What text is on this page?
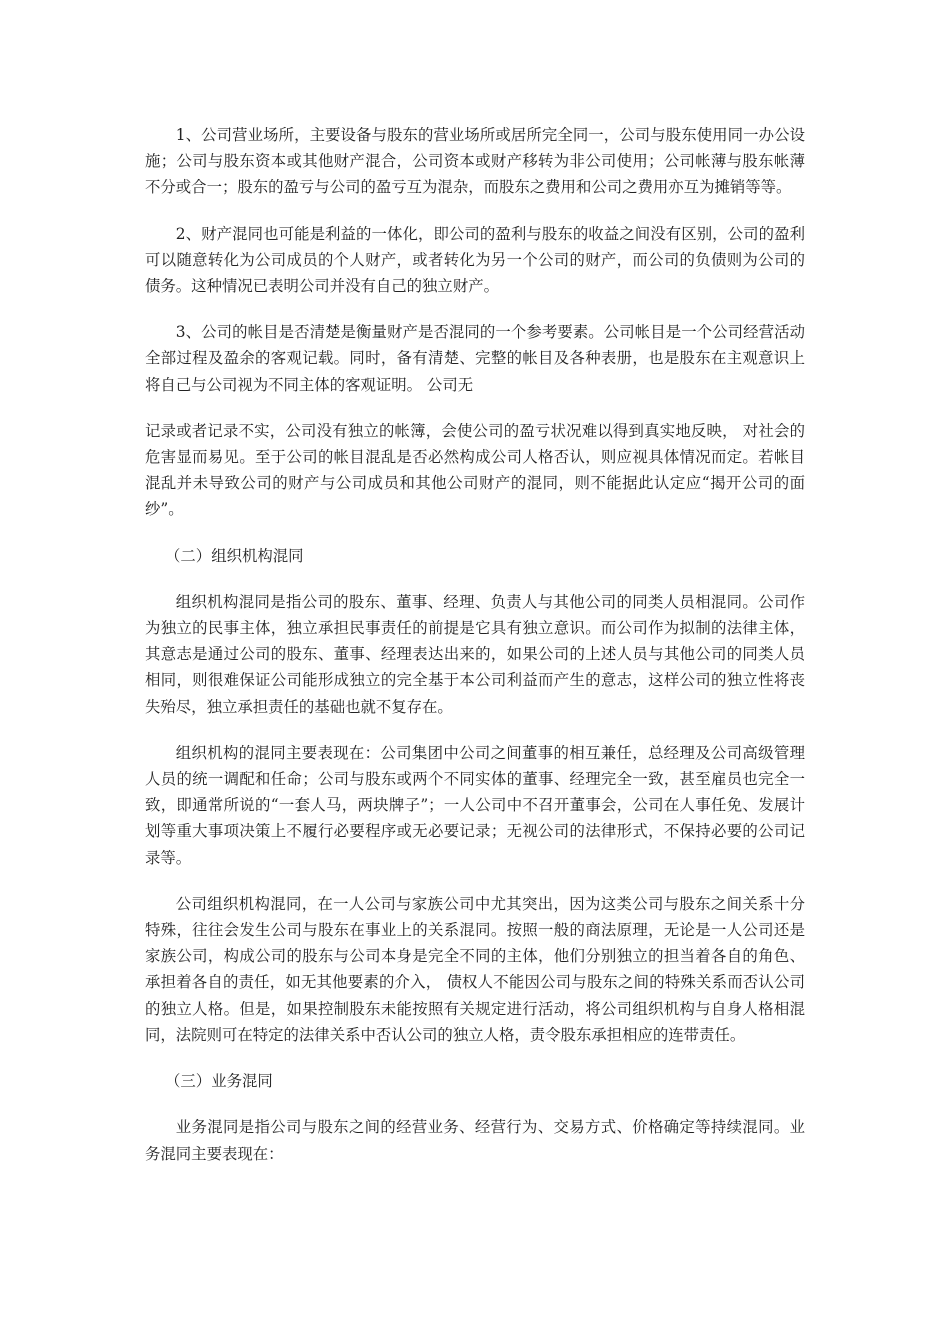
1、公司营业场所，主要设备与股东的营业场所或居所完全同一，公司与股东使用同一办公设施；公司与股东资本或其他财产混合，公司资本或财产移转为非公司使用；公司帐薄与股东帐薄不分或合一；股东的盈亏与公司的盈亏互为混杂，而股东之费用和公司之费用亦互为摊销等等。

2、财产混同也可能是利益的一体化，即公司的盈利与股东的收益之间没有区别，公司的盈利可以随意转化为公司成员的个人财产，或者转化为另一个公司的财产，而公司的负债则为公司的债务。这种情况已表明公司并没有自己的独立财产。

3、公司的帐目是否清楚是衡量财产是否混同的一个参考要素。公司帐目是一个公司经营活动全部过程及盈余的客观记载。同时，备有清楚、完整的帐目及各种表册，也是股东在主观意识上将自己与公司视为不同主体的客观证明。 公司无

记录或者记录不实，公司没有独立的帐簿，会使公司的盈亏状况难以得到真实地反映， 对社会的危害显而易见。至于公司的帐目混乱是否必然构成公司人格否认，则应视具体情况而定。若帐目混乱并未导致公司的财产与公司成员和其他公司财产的混同，则不能据此认定应“揭开公司的面纱”。

（二）组织机构混同

组织机构混同是指公司的股东、董事、经理、负责人与其他公司的同类人员相混同。公司作为独立的民事主体，独立承担民事责任的前提是它具有独立意识。而公司作为拟制的法律主体，其意志是通过公司的股东、董事、经理表达出来的，如果公司的上述人员与其他公司的同类人员相同，则很难保证公司能形成独立的完全基于本公司利益而产生的意志，这样公司的独立性将丧失殆尽，独立承担责任的基础也就不复存在。

组织机构的混同主要表现在：公司集团中公司之间董事的相互兼任，总经理及公司高级管理人员的统一调配和任命；公司与股东或两个不同实体的董事、经理完全一致，甚至雇员也完全一致，即通常所说的“一套人马，两块牌子”；一人公司中不召开董事会，公司在人事任免、发展计划等重大事项决策上不履行必要程序或无必要记录；无视公司的法律形式，不保持必要的公司记录等。

公司组织机构混同，在一人公司与家族公司中尤其突出，因为这类公司与股东之间关系十分特殊，往往会发生公司与股东在事业上的关系混同。按照一般的商法原理，无论是一人公司还是家族公司，构成公司的股东与公司本身是完全不同的主体，他们分别独立的担当着各自的角色、承担着各自的责任，如无其他要素的介入， 债权人不能因公司与股东之间的特殊关系而否认公司的独立人格。但是，如果控制股东未能按照有关规定进行活动，将公司组织机构与自身人格相混同，法院则可在特定的法律关系中否认公司的独立人格，责令股东承担相应的连带责任。

（三）业务混同

业务混同是指公司与股东之间的经营业务、经营行为、交易方式、价格确定等持续混同。业务混同主要表现在：
